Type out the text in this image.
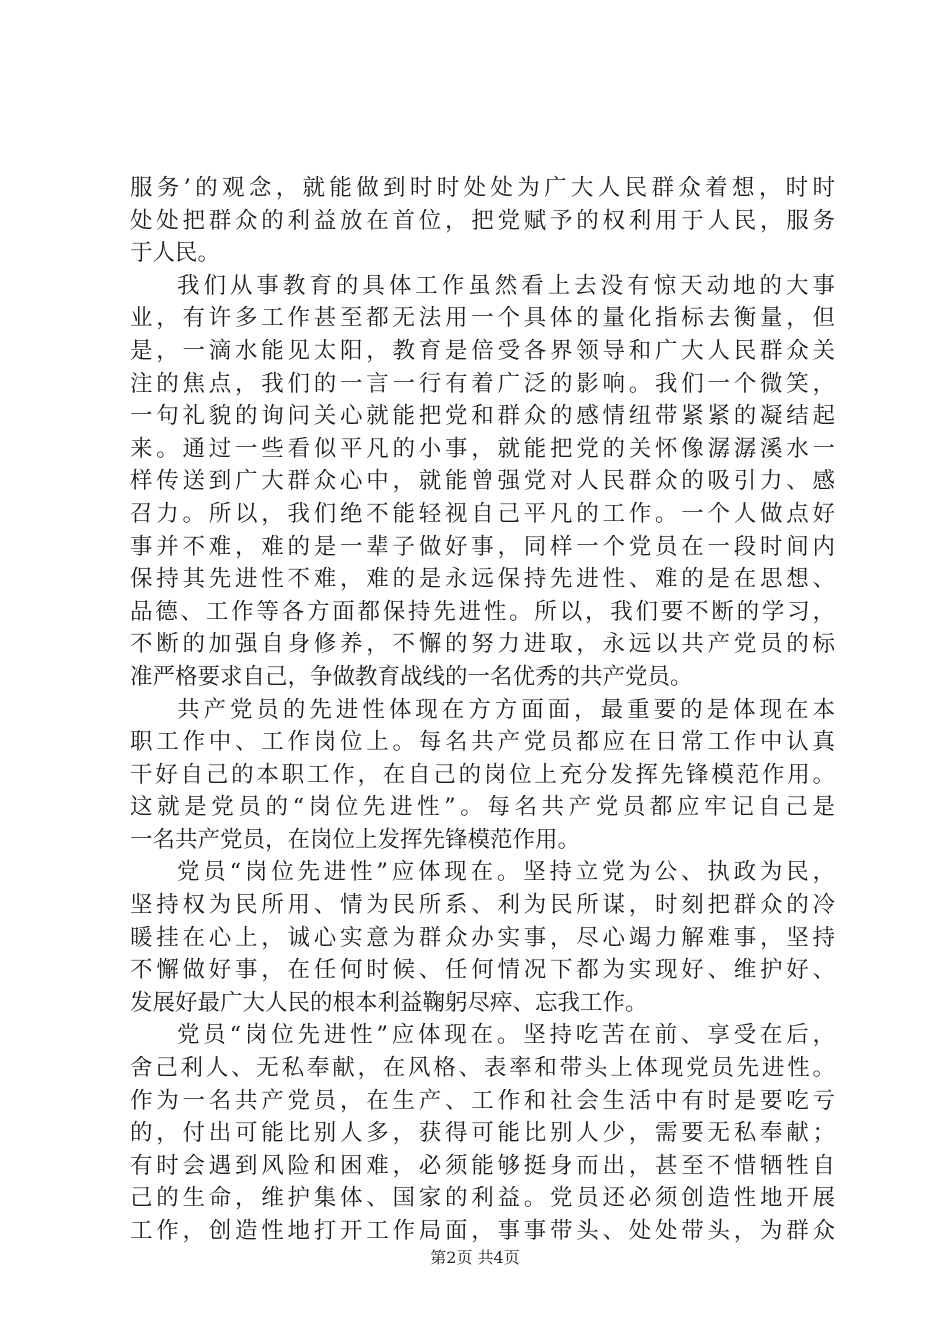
服务’的观念，就能做到时时处处为广大人民群众着想，时时
处处把群众的利益放在首位，把党赋予的权利用于人民，服务
于人民。
我们从事教育的具体工作虽然看上去没有惊天动地的大事
业，有许多工作甚至都无法用一个具体的量化指标去衡量，但
是，一滴水能见太阳，教育是倍受各界领导和广大人民群众关
注的焦点，我们的一言一行有着广泛的影响。我们一个微笑，
一句礼貌的询问关心就能把党和群众的感情纽带紧紧的凝结起
来。通过一些看似平凡的小事，就能把党的关怀像潺潺溪水一
样传送到广大群众心中，就能曾强党对人民群众的吸引力、感
召力。所以，我们绝不能轻视自己平凡的工作。一个人做点好
事并不难，难的是一辈子做好事，同样一个党员在一段时间内
保持其先进性不难，难的是永远保持先进性、难的是在思想、
品德、工作等各方面都保持先进性。所以，我们要不断的学习，
不断的加强自身修养，不懈的努力进取，永远以共产党员的标
准严格要求自己，争做教育战线的一名优秀的共产党员。
共产党员的先进性体现在方方面面，最重要的是体现在本
职工作中、工作岗位上。每名共产党员都应在日常工作中认真
干好自己的本职工作，在自己的岗位上充分发挥先锋模范作用。
这就是党员的“岗位先进性”。每名共产党员都应牢记自己是
一名共产党员，在岗位上发挥先锋模范作用。
党员“岗位先进性”应体现在。坚持立党为公、执政为民，
坚持权为民所用、情为民所系、利为民所谋，时刻把群众的冷
暖挂在心上，诚心实意为群众办实事，尽心竭力解难事，坚持
不懈做好事，在任何时候、任何情况下都为实现好、维护好、
发展好最广大人民的根本利益鞠躬尽瘁、忘我工作。
党员“岗位先进性”应体现在。坚持吃苦在前、享受在后，
舍己利人、无私奉献，在风格、表率和带头上体现党员先进性。
作为一名共产党员，在生产、工作和社会生活中有时是要吃亏
的，付出可能比别人多，获得可能比别人少，需要无私奉献；
有时会遇到风险和困难，必须能够挺身而出，甚至不惜牺牲自
己的生命，维护集体、国家的利益。党员还必须创造性地开展
工作，创造性地打开工作局面，事事带头、处处带头，为群众
第2页 共4页
